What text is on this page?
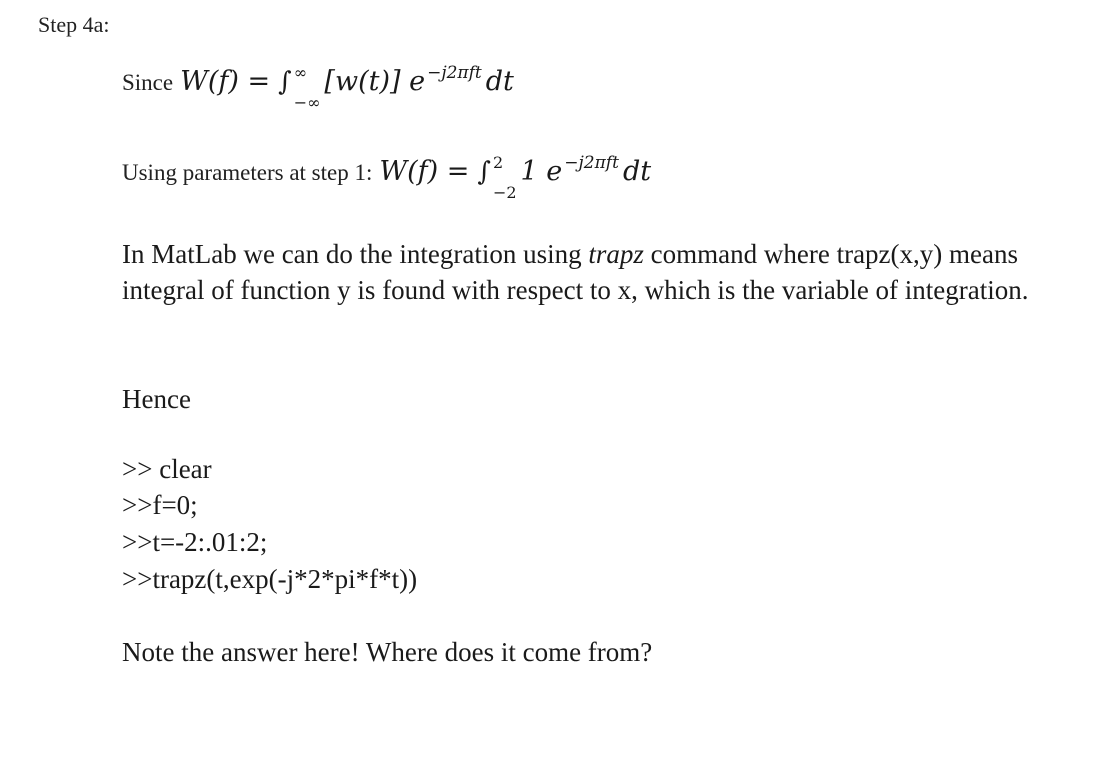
Step 4a:
Since W(f) = ∫ ∞
−∞
[w(t)] $e^{-j2\pi ft}$ dt
Using parameters at step 1: W(f) = ∫ 2
−2
1 $e^{-j2\pi ft}$ dt
In MatLab we can do the integration using trapz command where trapz(x,y) means integral of function y is found with respect to x, which is the variable of integration.
Hence
>> clear
>>f=0;
>>t=-2:.01:2;
>>trapz(t,exp(-j*2*pi*f*t))
Note the answer here! Where does it come from?
